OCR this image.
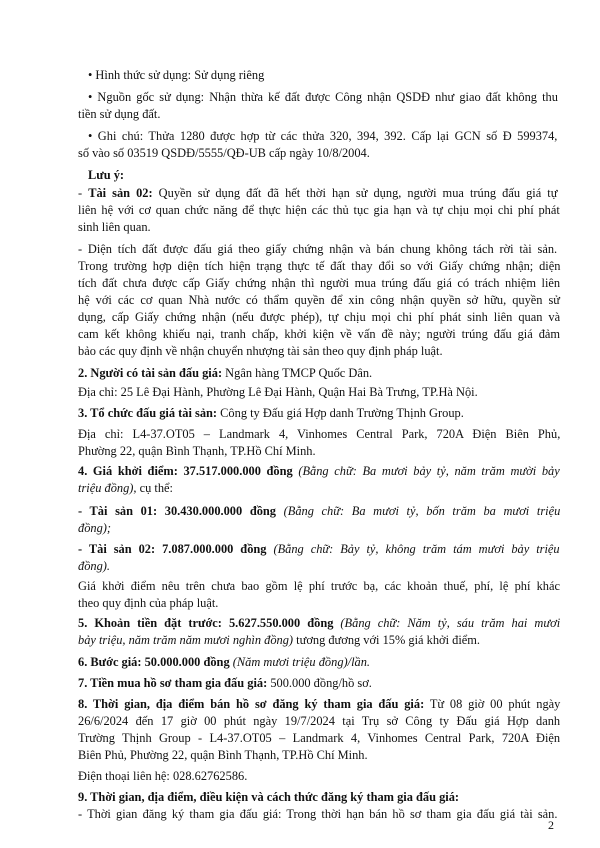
• Hình thức sử dụng: Sử dụng riêng
• Nguồn gốc sử dụng: Nhận thừa kế đất được Công nhận QSDĐ như giao đất không thu
tiền sử dụng đất.
• Ghi chú: Thửa 1280 được hợp từ các thửa 320, 394, 392. Cấp lại GCN số Đ 599374,
số vào số 03519 QSDĐ/5555/QĐ-UB cấp ngày 10/8/2004.
Lưu ý:
- Tài sản 02: Quyền sử dụng đất đã hết thời hạn sử dụng, người mua trúng đấu giá tự
liên hệ với cơ quan chức năng để thực hiện các thủ tục gia hạn và tự chịu mọi chi phí phát
sinh liên quan.
- Diện tích đất được đấu giá theo giấy chứng nhận và bán chung không tách rời tài sản.
Trong trường hợp diện tích hiện trạng thực tế đất thay đổi so với Giấy chứng nhận; diện
tích đất chưa được cấp Giấy chứng nhận thì người mua trúng đấu giá có trách nhiệm liên
hệ với các cơ quan Nhà nước có thẩm quyền để xin công nhận quyền sở hữu, quyền sử
dụng, cấp Giấy chứng nhận (nếu được phép), tự chịu mọi chi phí phát sinh liên quan và
cam kết không khiếu nại, tranh chấp, khởi kiện về vấn đề này; người trúng đấu giá đảm
bảo các quy định về nhận chuyển nhượng tài sản theo quy định pháp luật.
2. Người có tài sản đấu giá: Ngân hàng TMCP Quốc Dân.
Địa chỉ: 25 Lê Đại Hành, Phường Lê Đại Hành, Quận Hai Bà Trưng, TP.Hà Nội.
3. Tổ chức đấu giá tài sản: Công ty Đấu giá Hợp danh Trường Thịnh Group.
Địa chỉ: L4-37.OT05 – Landmark 4, Vinhomes Central Park, 720A Điện Biên Phủ,
Phường 22, quận Bình Thạnh, TP.Hồ Chí Minh.
4. Giá khởi điểm: 37.517.000.000 đồng (Bằng chữ: Ba mươi bảy tỷ, năm trăm mười bảy
triệu đồng), cụ thể:
- Tài sản 01: 30.430.000.000 đồng (Bằng chữ: Ba mươi tỷ, bốn trăm ba mươi triệu
đồng);
- Tài sản 02: 7.087.000.000 đồng (Bằng chữ: Bảy tỷ, không trăm tám mươi bảy triệu
đồng).
Giá khởi điểm nêu trên chưa bao gồm lệ phí trước bạ, các khoản thuế, phí, lệ phí khác
theo quy định của pháp luật.
5. Khoản tiền đặt trước: 5.627.550.000 đồng (Bằng chữ: Năm tỷ, sáu trăm hai mươi
bảy triệu, năm trăm năm mươi nghìn đồng) tương đương với 15% giá khởi điểm.
6. Bước giá: 50.000.000 đồng (Năm mươi triệu đồng)/lần.
7. Tiền mua hồ sơ tham gia đấu giá: 500.000 đồng/hồ sơ.
8. Thời gian, địa điểm bán hồ sơ đăng ký tham gia đấu giá: Từ 08 giờ 00 phút ngày
26/6/2024 đến 17 giờ 00 phút ngày 19/7/2024 tại Trụ sở Công ty Đấu giá Hợp danh
Trường Thịnh Group - L4-37.OT05 – Landmark 4, Vinhomes Central Park, 720A Điện
Biên Phủ, Phường 22, quận Bình Thạnh, TP.Hồ Chí Minh.
Điện thoại liên hệ: 028.62762586.
9. Thời gian, địa điểm, điều kiện và cách thức đăng ký tham gia đấu giá:
- Thời gian đăng ký tham gia đấu giá: Trong thời hạn bán hồ sơ tham gia đấu giá tài sản.
2
